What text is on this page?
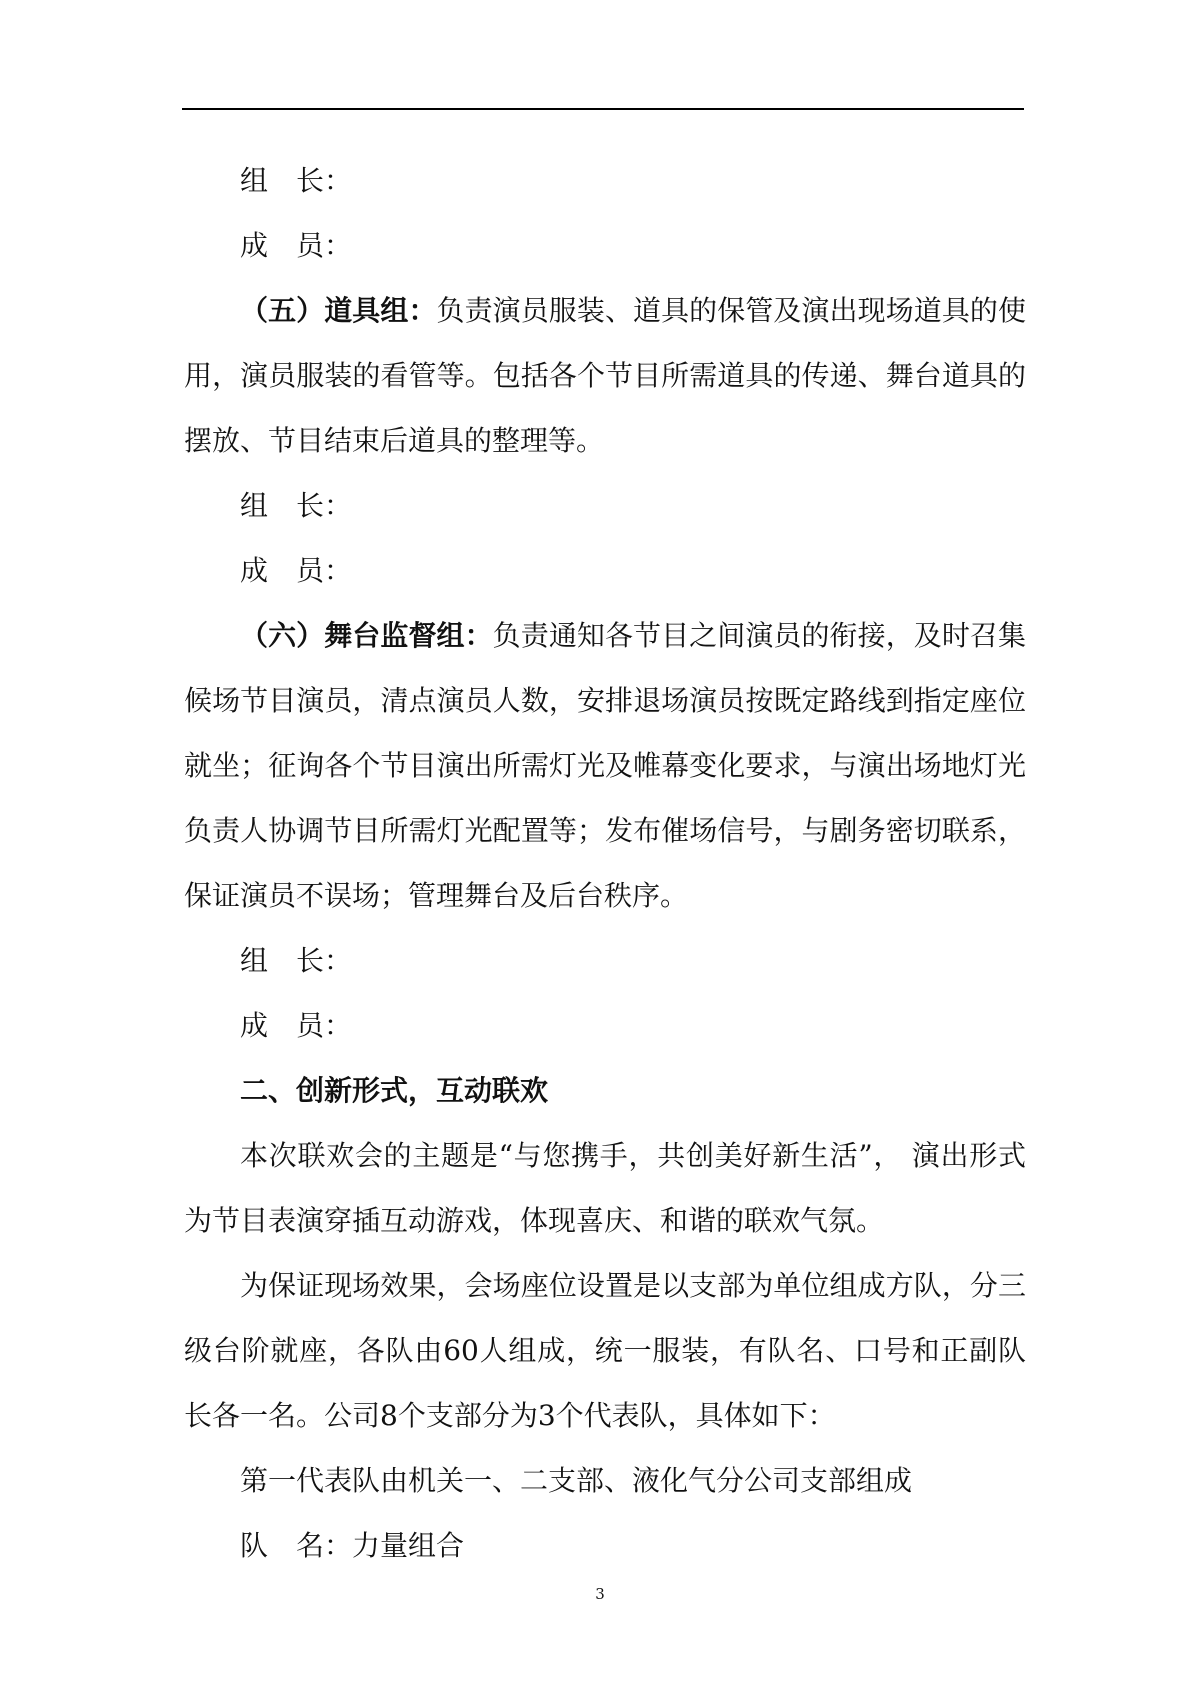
组　长：

成　员：

（五）道具组：负责演员服装、道具的保管及演出现场道具的使用，演员服装的看管等。包括各个节目所需道具的传递、舞台道具的摆放、节目结束后道具的整理等。

组　长：

成　员：

（六）舞台监督组：负责通知各节目之间演员的衔接，及时召集候场节目演员，清点演员人数，安排退场演员按既定路线到指定座位就坐；征询各个节目演出所需灯光及帷幕变化要求，与演出场地灯光负责人协调节目所需灯光配置等；发布催场信号，与剧务密切联系，保证演员不误场；管理舞台及后台秩序。

组　长：

成　员：

二、创新形式，互动联欢

本次联欢会的主题是“与您携手，共创美好新生活”， 演出形式为节目表演穿插互动游戏，体现喜庆、和谐的联欢气氛。

为保证现场效果，会场座位设置是以支部为单位组成方队，分三级台阶就座，各队由60人组成，统一服装，有队名、口号和正副队长各一名。公司8个支部分为3个代表队，具体如下：

第一代表队由机关一、二支部、液化气分公司支部组成

队　名：力量组合

3
